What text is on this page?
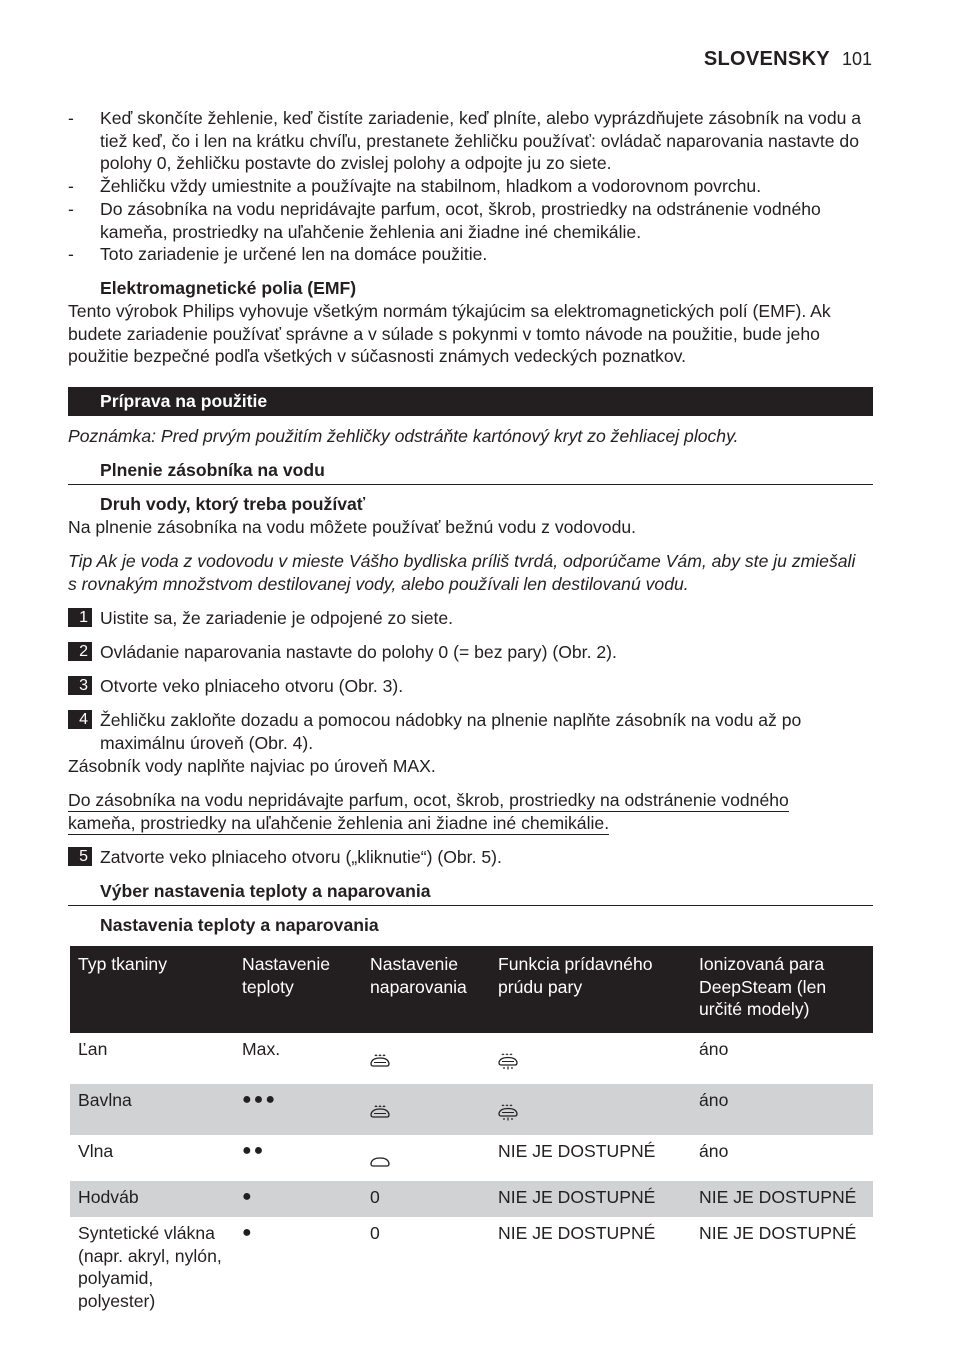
SLOVENSKY 101
- Keď skončíte žehlenie, keď čistíte zariadenie, keď plníte, alebo vyprázdňujete zásobník na vodu a tiež keď, čo i len na krátku chvíľu, prestanete žehličku používať: ovládač naparovania nastavte do polohy 0, žehličku postavte do zvislej polohy a odpojte ju zo siete.
- Žehličku vždy umiestnite a používajte na stabilnom, hladkom a vodorovnom povrchu.
- Do zásobníka na vodu nepridávajte parfum, ocot, škrob, prostriedky na odstránenie vodného kameňa, prostriedky na uľahčenie žehlenia ani žiadne iné chemikálie.
- Toto zariadenie je určené len na domáce použitie.
Elektromagnetické polia (EMF)
Tento výrobok Philips vyhovuje všetkým normám týkajúcim sa elektromagnetických polí (EMF). Ak budete zariadenie používať správne a v súlade s pokynmi v tomto návode na použitie, bude jeho použitie bezpečné podľa všetkých v súčasnosti známych vedeckých poznatkov.
Príprava na použitie
Poznámka: Pred prvým použitím žehličky odstráňte kartónový kryt zo žehliacej plochy.
Plnenie zásobníka na vodu
Druh vody, ktorý treba používať
Na plnenie zásobníka na vodu môžete používať bežnú vodu z vodovodu.
Tip Ak je voda z vodovodu v mieste Vášho bydliska príliš tvrdá, odporúčame Vám, aby ste ju zmiešali s rovnakým množstvom destilovanej vody, alebo používali len destilovanú vodu.
1 Uistite sa, že zariadenie je odpojené zo siete.
2 Ovládanie naparovania nastavte do polohy 0 (= bez pary) (Obr. 2).
3 Otvorte veko plniaceho otvoru (Obr. 3).
4 Žehličku zakloňte dozadu a pomocou nádobky na plnenie naplňte zásobník na vodu až po maximálnu úroveň (Obr. 4).
Zásobník vody naplňte najviac po úroveň MAX.
Do zásobníka na vodu nepridávajte parfum, ocot, škrob, prostriedky na odstránenie vodného
kameňa, prostriedky na uľahčenie žehlenia ani žiadne iné chemikálie.
5 Zatvorte veko plniaceho otvoru („kliknutie“) (Obr. 5).
Výber nastavenia teploty a naparovania
Nastavenia teploty a naparovania
Typ tkaniny	Nastavenie teploty	Nastavenie naparovania	Funkcia prídavného prúdu pary	Ionizovaná para DeepSteam (len určité modely)
Ľan	Max.			áno
Bavlna	●●●			áno
Vlna	●●		NIE JE DOSTUPNÉ	áno
Hodváb	●	0	NIE JE DOSTUPNÉ	NIE JE DOSTUPNÉ
Syntetické vlákna (napr. akryl, nylón, polyamid, polyester)	●	0	NIE JE DOSTUPNÉ	NIE JE DOSTUPNÉ
